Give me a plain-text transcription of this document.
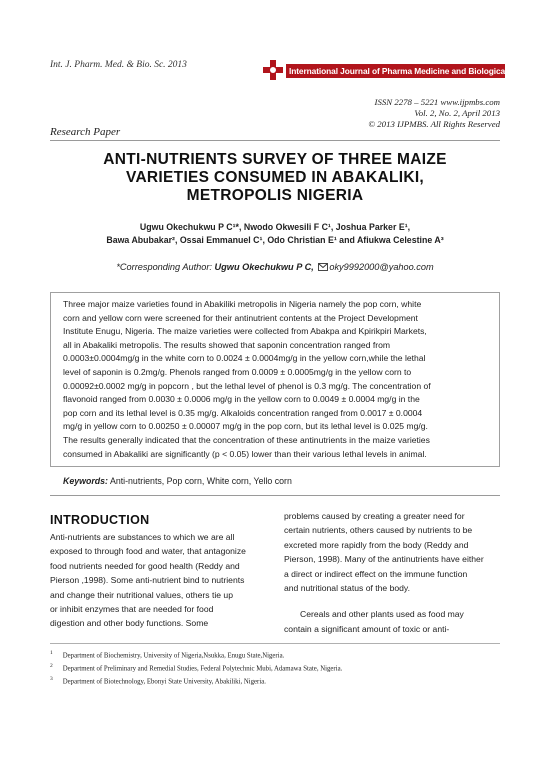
Int. J. Pharm. Med. & Bio. Sc. 2013
International Journal of Pharma Medicine and Biological Sciences
ISSN 2278 – 5221 www.ijpmbs.com
Vol. 2, No. 2, April 2013
© 2013 IJPMBS. All Rights Reserved
Research Paper
ANTI-NUTRIENTS SURVEY OF THREE MAIZE
VARIETIES CONSUMED IN ABAKALIKI,
METROPOLIS NIGERIA
Ugwu Okechukwu P C¹*, Nwodo Okwesili F C¹, Joshua Parker E¹,
Bawa Abubakar², Ossai Emmanuel C¹, Odo Christian E¹ and Afiukwa Celestine A³
*Corresponding Author: Ugwu Okechukwu P C, oky9992000@yahoo.com
Three major maize varieties found in Abakiliki metropolis in Nigeria namely the pop corn, white
corn and yellow corn were screened for their antinutrient contents at the Project Development
Institute Enugu, Nigeria. The maize varieties were collected from Abakpa and Kpirikpiri Markets,
all in Abakaliki metropolis. The results showed that saponin concentration ranged from
0.0003±0.0004mg/g in the white corn to 0.0024 ± 0.0004mg/g in the yellow corn,while the lethal
level of saponin is 0.2mg/g. Phenols ranged from 0.0009 ± 0.0005mg/g in the yellow corn to
0.00092±0.0002 mg/g in popcorn , but the lethal level of phenol is 0.3 mg/g. The concentration of
flavonoid ranged from 0.0030 ± 0.0006 mg/g in the yellow corn to 0.0049 ± 0.0004 mg/g in the
pop corn and its lethal level is 0.35 mg/g. Alkaloids concentration ranged from 0.0017 ± 0.0004
mg/g in yellow corn to 0.00250 ± 0.00007 mg/g in the pop corn, but its lethal level is 0.025 mg/g.
The results generally indicated that the concentration of these antinutrients in the maize varieties
consumed in Abakaliki are significantly (p < 0.05) lower than their various lethal levels in animal.
Keywords: Anti-nutrients, Pop corn, White corn, Yello corn
INTRODUCTION
Anti-nutrients are substances to which we are all
exposed to through food and water, that antagonize
food nutrients needed for good health (Reddy and
Pierson ,1998). Some anti-nutrient bind to nutrients
and change their nutritional values, others tie up
or inhibit enzymes that are needed for food
digestion and other body functions. Some
problems caused by creating a greater need for
certain nutrients, others caused by nutrients to be
excreted more rapidly from the body (Reddy and
Pierson, 1998). Many of the antinutrients have either
a direct or indirect effect on the immune function
and nutritional status of the body.
Cereals and other plants used as food may
contain a significant amount of toxic or anti-
$^1$ Department of Biochemistry, University of Nigeria,Nsukka, Enugu State,Nigeria.
$^2$ Department of Preliminary and Remedial Studies, Federal Polytechnic Mubi, Adamawa State, Nigeria.
$^3$ Department of Biotechnology, Ebonyi State University, Abakiliki, Nigeria.
